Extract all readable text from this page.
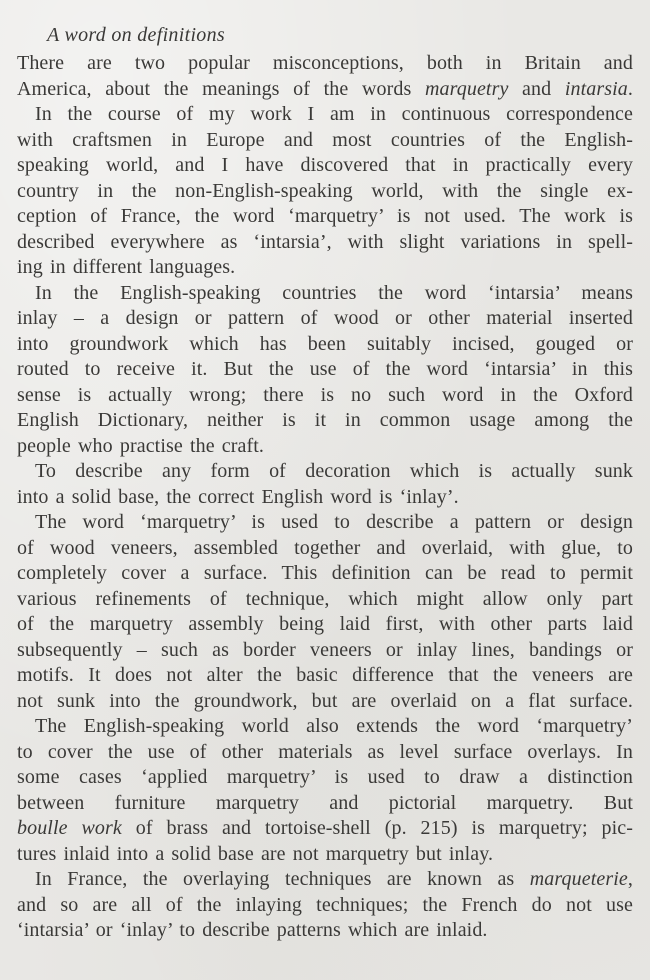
A word on definitions
There are two popular misconceptions, both in Britain and
America, about the meanings of the words marquetry and intarsia.
In the course of my work I am in continuous correspondence
with craftsmen in Europe and most countries of the English-
speaking world, and I have discovered that in practically every
country in the non-English-speaking world, with the single ex-
ception of France, the word ‘marquetry’ is not used. The work is
described everywhere as ‘intarsia’, with slight variations in spell-
ing in different languages.
In the English-speaking countries the word ‘intarsia’ means
inlay – a design or pattern of wood or other material inserted
into groundwork which has been suitably incised, gouged or
routed to receive it. But the use of the word ‘intarsia’ in this
sense is actually wrong; there is no such word in the Oxford
English Dictionary, neither is it in common usage among the
people who practise the craft.
To describe any form of decoration which is actually sunk
into a solid base, the correct English word is ‘inlay’.
The word ‘marquetry’ is used to describe a pattern or design
of wood veneers, assembled together and overlaid, with glue, to
completely cover a surface. This definition can be read to permit
various refinements of technique, which might allow only part
of the marquetry assembly being laid first, with other parts laid
subsequently – such as border veneers or inlay lines, bandings or
motifs. It does not alter the basic difference that the veneers are
not sunk into the groundwork, but are overlaid on a flat surface.
The English-speaking world also extends the word ‘marquetry’
to cover the use of other materials as level surface overlays. In
some cases ‘applied marquetry’ is used to draw a distinction
between furniture marquetry and pictorial marquetry. But
boulle work of brass and tortoise-shell (p. 215) is marquetry; pic-
tures inlaid into a solid base are not marquetry but inlay.
In France, the overlaying techniques are known as marqueterie,
and so are all of the inlaying techniques; the French do not use
‘intarsia’ or ‘inlay’ to describe patterns which are inlaid.
